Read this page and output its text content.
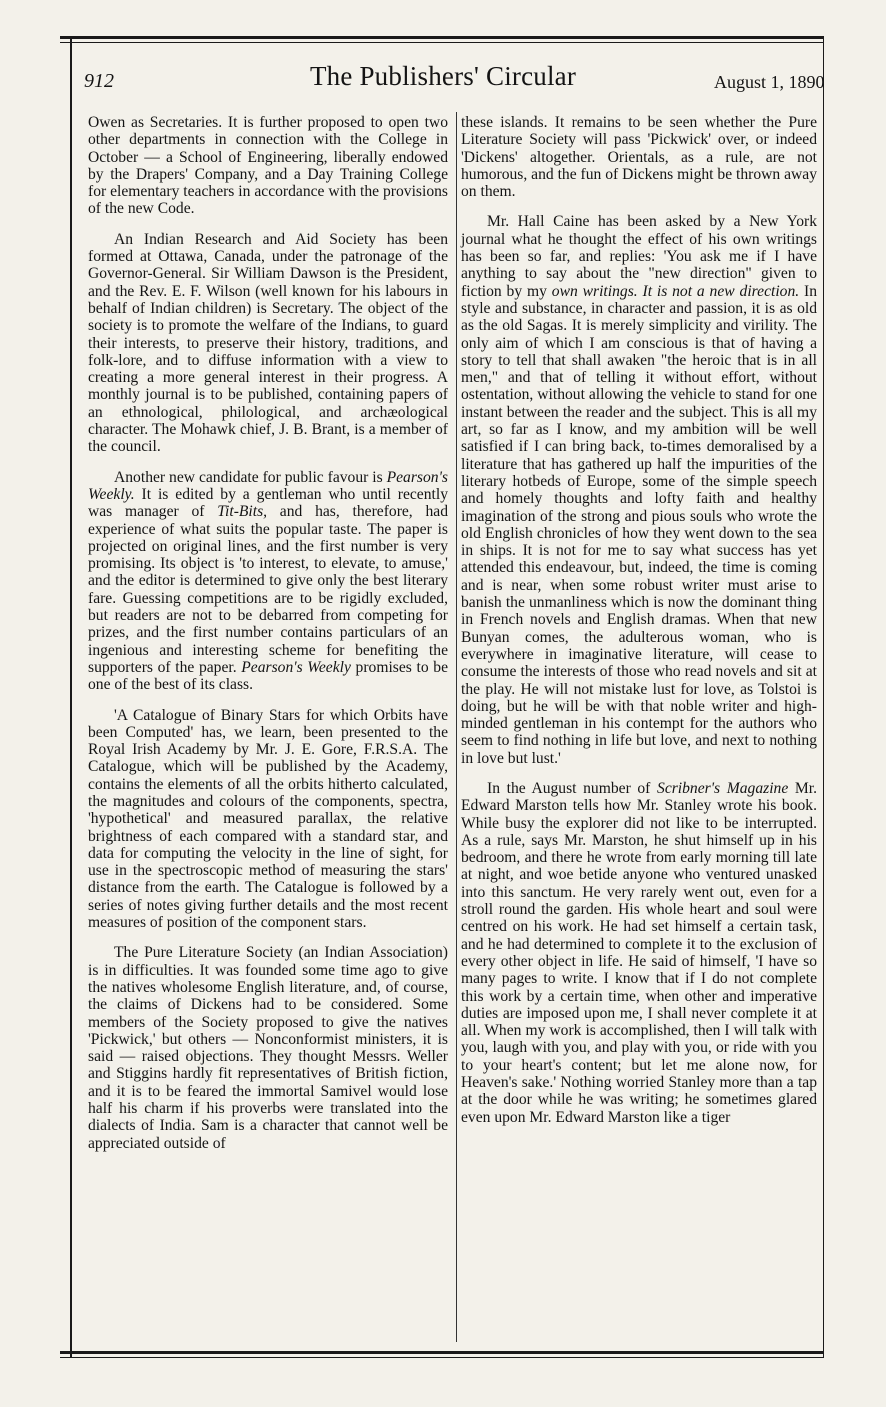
912	The Publishers' Circular	August 1, 1890

Owen as Secretaries. It is further proposed to open two other departments in connection with the College in October — a School of Engineering, liberally endowed by the Drapers' Company, and a Day Training College for elementary teachers in accordance with the provisions of the new Code.

An Indian Research and Aid Society has been formed at Ottawa, Canada, under the patronage of the Governor-General. Sir William Dawson is the President, and the Rev. E. F. Wilson (well known for his labours in behalf of Indian children) is Secretary. The object of the society is to promote the welfare of the Indians, to guard their interests, to preserve their history, traditions, and folk-lore, and to diffuse information with a view to creating a more general interest in their progress. A monthly journal is to be published, containing papers of an ethnological, philological, and archæological character. The Mohawk chief, J. B. Brant, is a member of the council.

Another new candidate for public favour is Pearson's Weekly. It is edited by a gentleman who until recently was manager of Tit-Bits, and has, therefore, had experience of what suits the popular taste. The paper is projected on original lines, and the first number is very promising. Its object is 'to interest, to elevate, to amuse,' and the editor is determined to give only the best literary fare. Guessing competitions are to be rigidly excluded, but readers are not to be debarred from competing for prizes, and the first number contains particulars of an ingenious and interesting scheme for benefiting the supporters of the paper. Pearson's Weekly promises to be one of the best of its class.

'A Catalogue of Binary Stars for which Orbits have been Computed' has, we learn, been presented to the Royal Irish Academy by Mr. J. E. Gore, F.R.S.A. The Catalogue, which will be published by the Academy, contains the elements of all the orbits hitherto calculated, the magnitudes and colours of the components, spectra, 'hypothetical' and measured parallax, the relative brightness of each compared with a standard star, and data for computing the velocity in the line of sight, for use in the spectroscopic method of measuring the stars' distance from the earth. The Catalogue is followed by a series of notes giving further details and the most recent measures of position of the component stars.

The Pure Literature Society (an Indian Association) is in difficulties. It was founded some time ago to give the natives wholesome English literature, and, of course, the claims of Dickens had to be considered. Some members of the Society proposed to give the natives 'Pickwick,' but others — Nonconformist ministers, it is said — raised objections. They thought Messrs. Weller and Stiggins hardly fit representatives of British fiction, and it is to be feared the immortal Samivel would lose half his charm if his proverbs were translated into the dialects of India. Sam is a character that cannot well be appreciated outside of

these islands. It remains to be seen whether the Pure Literature Society will pass 'Pickwick' over, or indeed 'Dickens' altogether. Orientals, as a rule, are not humorous, and the fun of Dickens might be thrown away on them.

Mr. Hall Caine has been asked by a New York journal what he thought the effect of his own writings has been so far, and replies: 'You ask me if I have anything to say about the "new direction" given to fiction by my own writings. It is not a new direction. In style and substance, in character and passion, it is as old as the old Sagas. It is merely simplicity and virility. The only aim of which I am conscious is that of having a story to tell that shall awaken "the heroic that is in all men," and that of telling it without effort, without ostentation, without allowing the vehicle to stand for one instant between the reader and the subject. This is all my art, so far as I know, and my ambition will be well satisfied if I can bring back, to-times demoralised by a literature that has gathered up half the impurities of the literary hotbeds of Europe, some of the simple speech and homely thoughts and lofty faith and healthy imagination of the strong and pious souls who wrote the old English chronicles of how they went down to the sea in ships. It is not for me to say what success has yet attended this endeavour, but, indeed, the time is coming and is near, when some robust writer must arise to banish the unmanliness which is now the dominant thing in French novels and English dramas. When that new Bunyan comes, the adulterous woman, who is everywhere in imaginative literature, will cease to consume the interests of those who read novels and sit at the play. He will not mistake lust for love, as Tolstoi is doing, but he will be with that noble writer and high-minded gentleman in his contempt for the authors who seem to find nothing in life but love, and next to nothing in love but lust.'

In the August number of Scribner's Magazine Mr. Edward Marston tells how Mr. Stanley wrote his book. While busy the explorer did not like to be interrupted. As a rule, says Mr. Marston, he shut himself up in his bedroom, and there he wrote from early morning till late at night, and woe betide anyone who ventured unasked into this sanctum. He very rarely went out, even for a stroll round the garden. His whole heart and soul were centred on his work. He had set himself a certain task, and he had determined to complete it to the exclusion of every other object in life. He said of himself, 'I have so many pages to write. I know that if I do not complete this work by a certain time, when other and imperative duties are imposed upon me, I shall never complete it at all. When my work is accomplished, then I will talk with you, laugh with you, and play with you, or ride with you to your heart's content; but let me alone now, for Heaven's sake.' Nothing worried Stanley more than a tap at the door while he was writing; he sometimes glared even upon Mr. Edward Marston like a tiger
